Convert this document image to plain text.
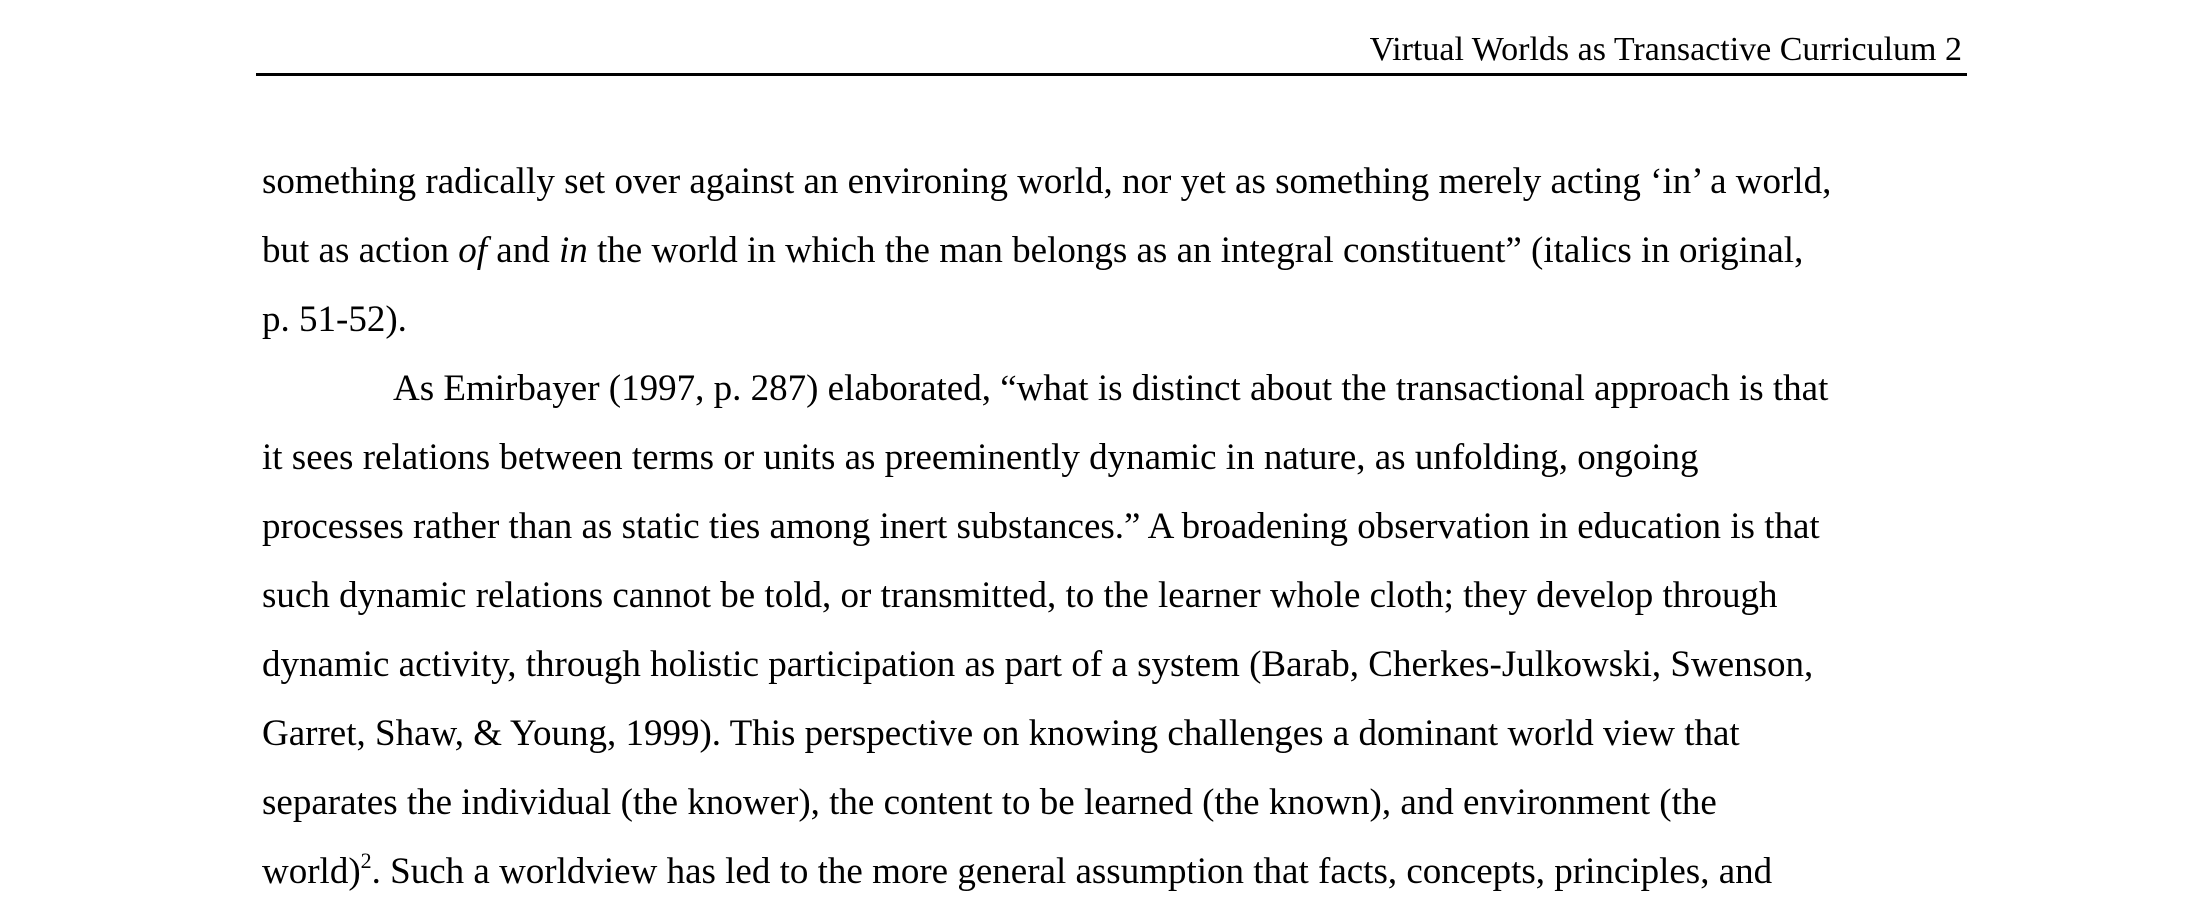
Virtual Worlds as Transactive Curriculum 2
something radically set over against an environing world, nor yet as something merely acting ‘in’ a world,
but as action of and in the world in which the man belongs as an integral constituent” (italics in original,
p. 51-52).
As Emirbayer (1997, p. 287) elaborated, “what is distinct about the transactional approach is that
it sees relations between terms or units as preeminently dynamic in nature, as unfolding, ongoing
processes rather than as static ties among inert substances.” A broadening observation in education is that
such dynamic relations cannot be told, or transmitted, to the learner whole cloth; they develop through
dynamic activity, through holistic participation as part of a system (Barab, Cherkes-Julkowski, Swenson,
Garret, Shaw, & Young, 1999). This perspective on knowing challenges a dominant world view that
separates the individual (the knower), the content to be learned (the known), and environment (the
world)$^2$. Such a worldview has led to the more general assumption that facts, concepts, principles, and
